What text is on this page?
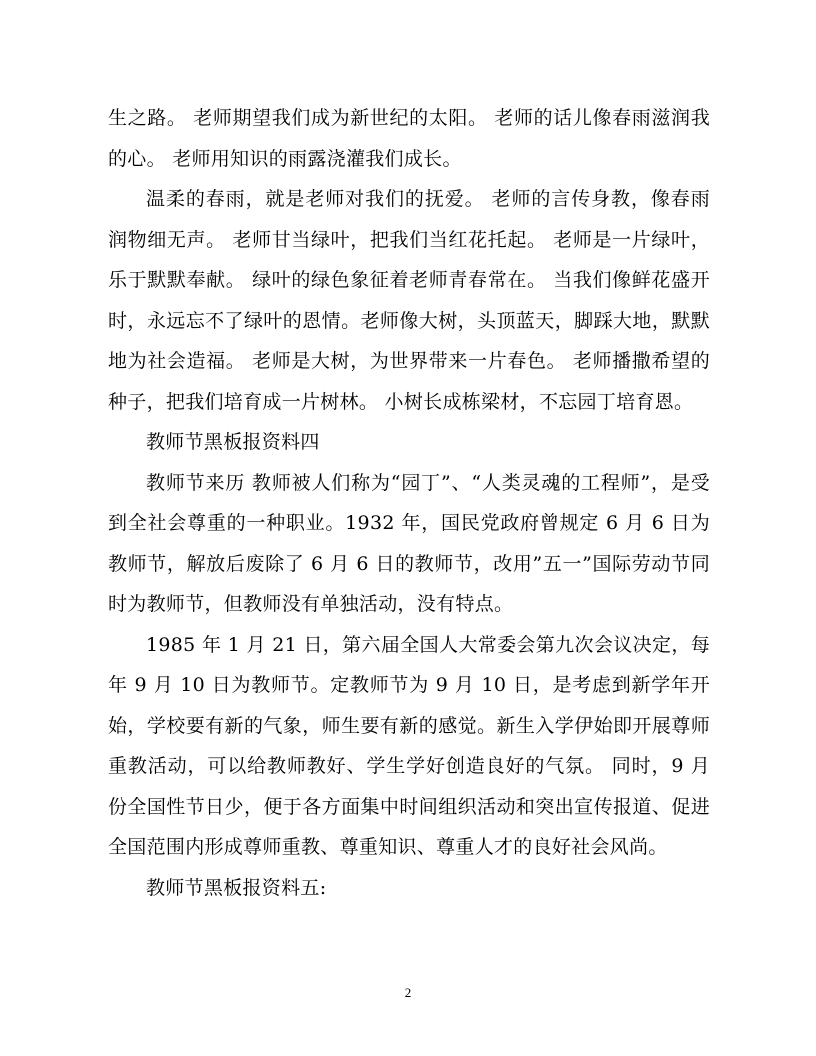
生之路。 老师期望我们成为新世纪的太阳。 老师的话儿像春雨滋润我的心。 老师用知识的雨露浇灌我们成长。

温柔的春雨，就是老师对我们的抚爱。 老师的言传身教，像春雨润物细无声。 老师甘当绿叶，把我们当红花托起。 老师是一片绿叶，乐于默默奉献。 绿叶的绿色象征着老师青春常在。 当我们像鲜花盛开时，永远忘不了绿叶的恩情。老师像大树，头顶蓝天，脚踩大地，默默地为社会造福。 老师是大树，为世界带来一片春色。 老师播撒希望的种子，把我们培育成一片树林。 小树长成栋梁材，不忘园丁培育恩。

教师节黑板报资料四

教师节来历 教师被人们称为“园丁”、“人类灵魂的工程师”，是受到全社会尊重的一种职业。1932 年，国民党政府曾规定 6 月 6 日为教师节，解放后废除了 6 月 6 日的教师节，改用”五一”国际劳动节同时为教师节，但教师没有单独活动，没有特点。

1985 年 1 月 21 日，第六届全国人大常委会第九次会议决定，每年 9 月 10 日为教师节。定教师节为 9 月 10 日，是考虑到新学年开始，学校要有新的气象，师生要有新的感觉。新生入学伊始即开展尊师重教活动，可以给教师教好、学生学好创造良好的气氛。 同时，9 月份全国性节日少，便于各方面集中时间组织活动和突出宣传报道、促进全国范围内形成尊师重教、尊重知识、尊重人才的良好社会风尚。

教师节黑板报资料五:

2
